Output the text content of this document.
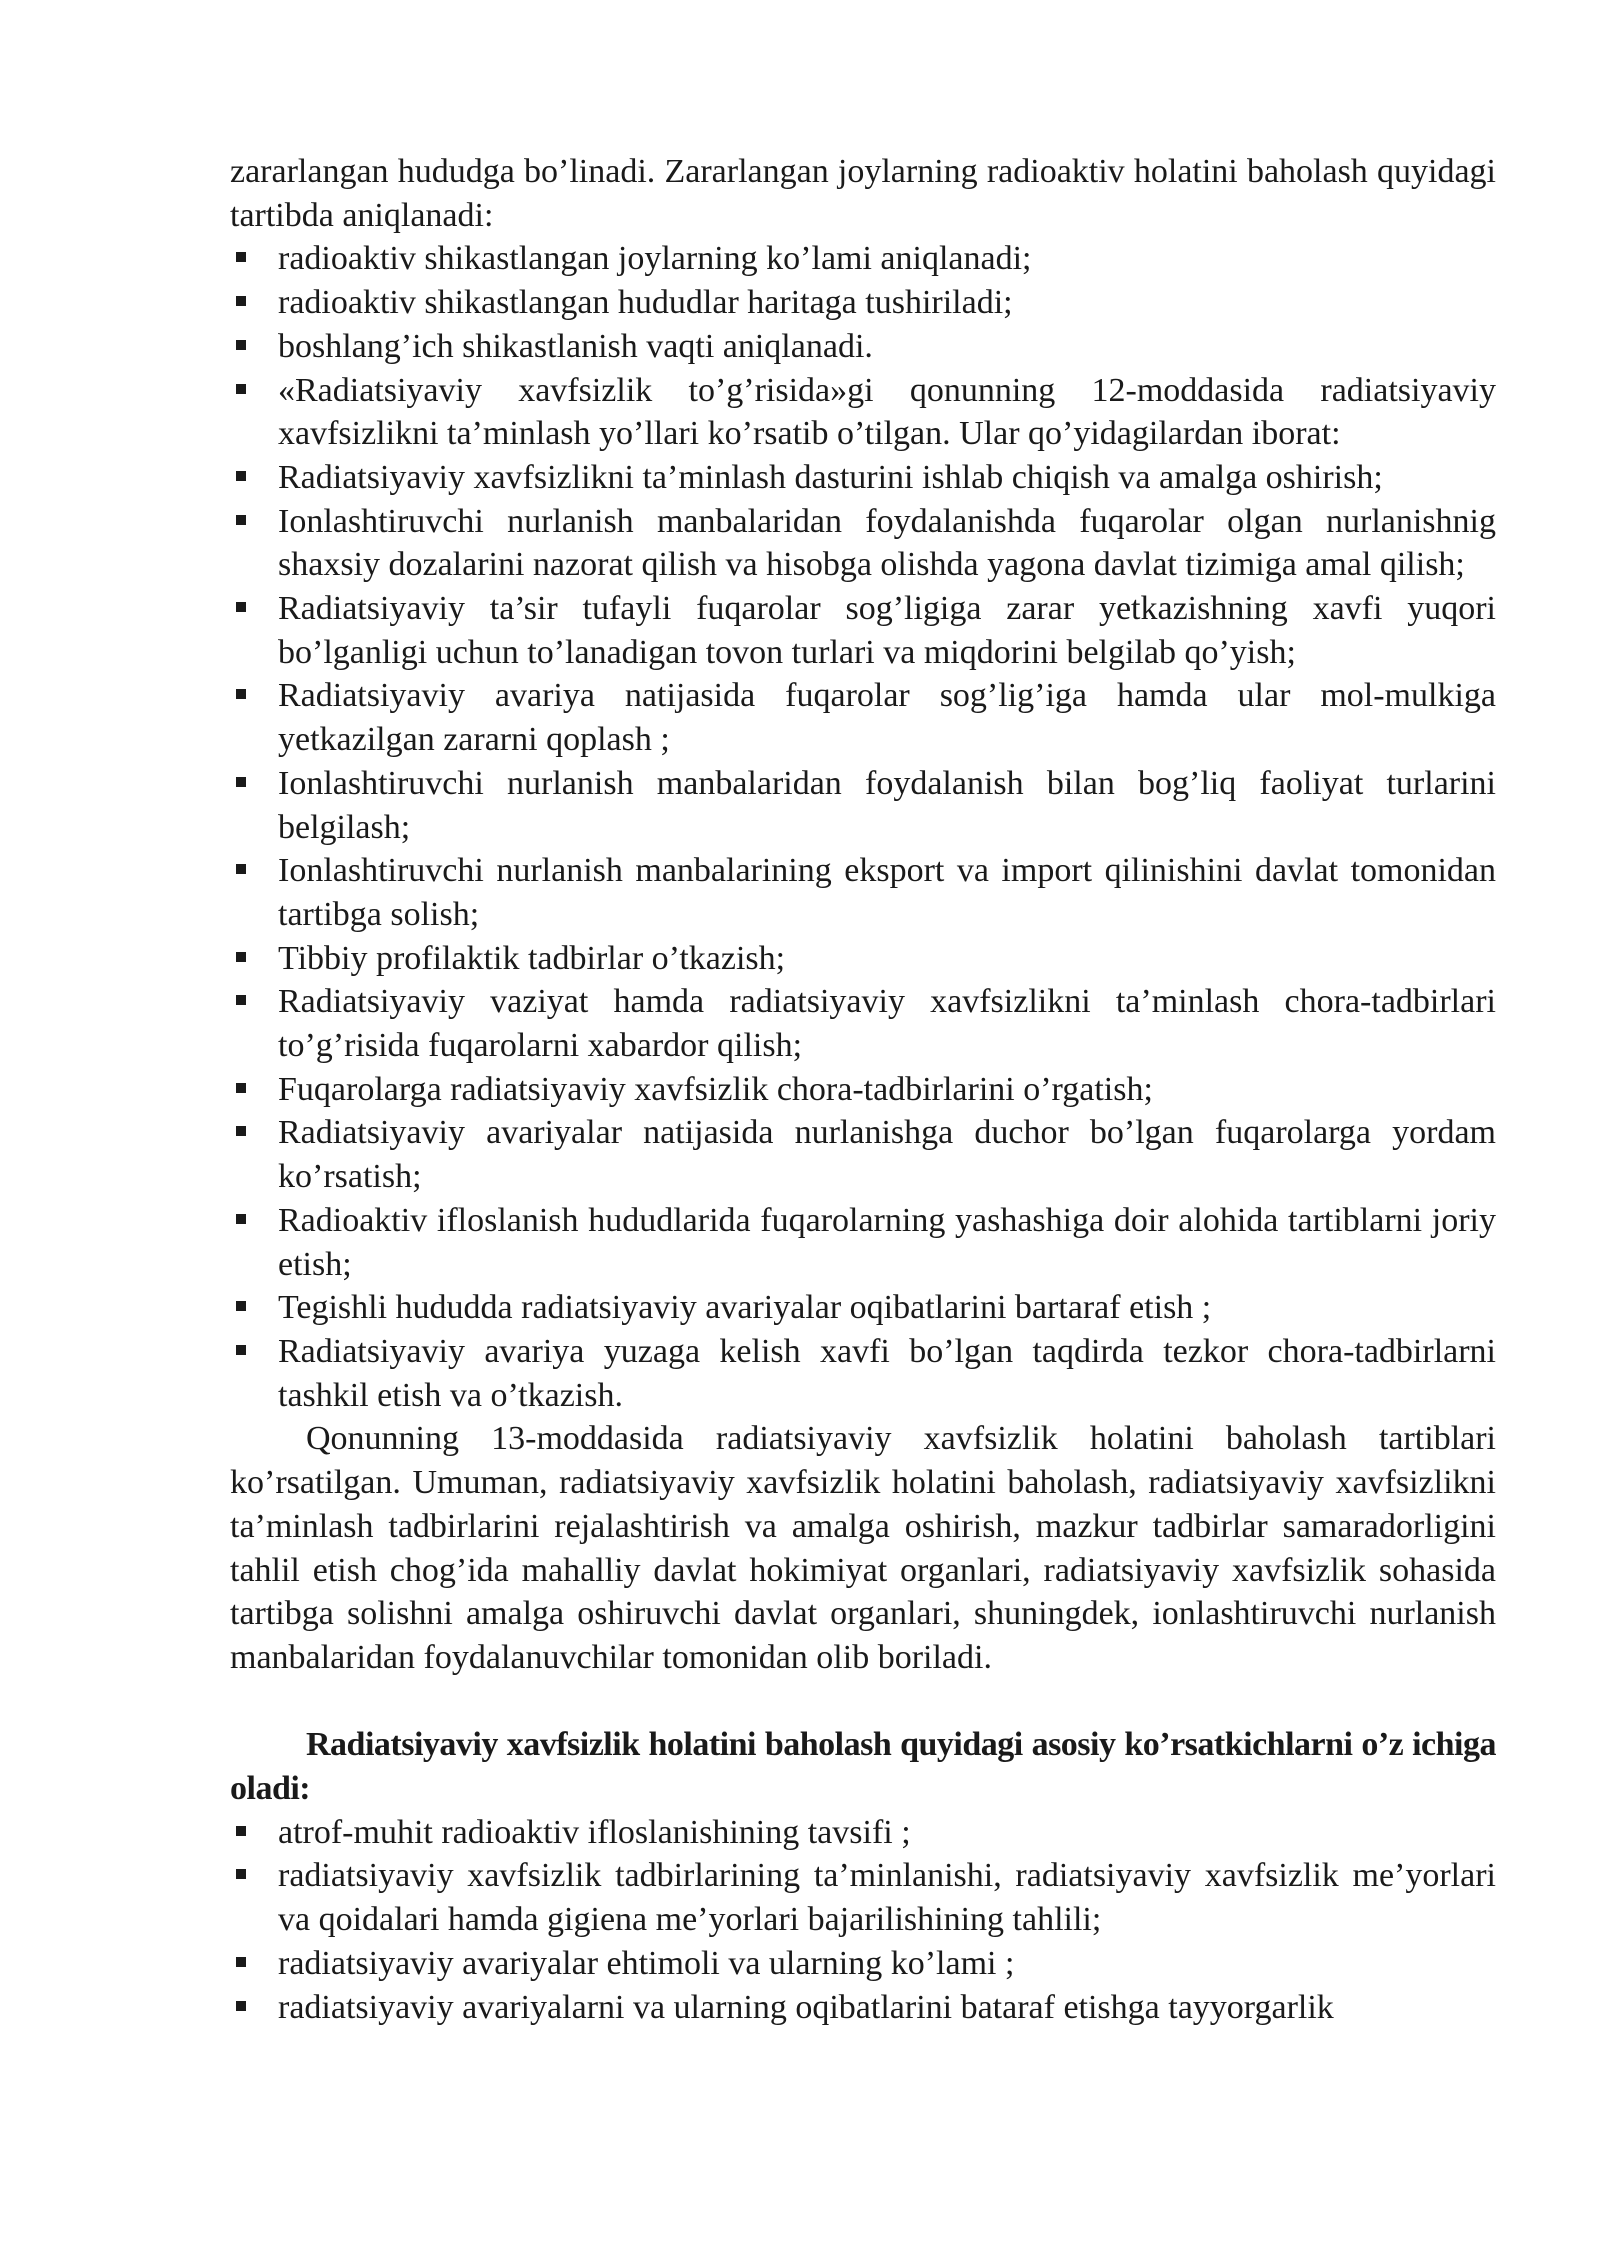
zararlangan hududga bo’linadi. Zararlangan joylarning radioaktiv holatini baholash quyidagi tartibda aniqlanadi:

radioaktiv shikastlangan joylarning ko’lami aniqlanadi;
radioaktiv shikastlangan hududlar haritaga tushiriladi;
boshlang’ich shikastlanish vaqti aniqlanadi.
«Radiatsiyaviy xavfsizlik to’g’risida»gi qonunning 12-moddasida radiatsiyaviy xavfsizlikni ta’minlash yo’llari ko’rsatib o’tilgan. Ular qo’yidagilardan iborat:
Radiatsiyaviy xavfsizlikni ta’minlash dasturini ishlab chiqish va amalga oshirish;
Ionlashtiruvchi nurlanish manbalaridan foydalanishda fuqarolar olgan nurlanishnig shaxsiy dozalarini nazorat qilish va hisobga olishda yagona davlat tizimiga amal qilish;
Radiatsiyaviy ta’sir tufayli fuqarolar sog’ligiga zarar yetkazishning xavfi yuqori bo’lganligi uchun to’lanadigan tovon turlari va miqdorini belgilab qo’yish;
Radiatsiyaviy avariya natijasida fuqarolar sog’lig’iga hamda ular mol-mulkiga yetkazilgan zararni qoplash ;
Ionlashtiruvchi nurlanish manbalaridan foydalanish bilan bog’liq faoliyat turlarini belgilash;
Ionlashtiruvchi nurlanish manbalarining eksport va import qilinishini davlat tomonidan tartibga solish;
Tibbiy profilaktik tadbirlar o’tkazish;
Radiatsiyaviy vaziyat hamda radiatsiyaviy xavfsizlikni ta’minlash chora-tadbirlari to’g’risida fuqarolarni xabardor qilish;
Fuqarolarga radiatsiyaviy xavfsizlik chora-tadbirlarini o’rgatish;
Radiatsiyaviy avariyalar natijasida nurlanishga duchor bo’lgan fuqarolarga yordam ko’rsatish;
Radioaktiv ifloslanish hududlarida fuqarolarning yashashiga doir alohida tartiblarni joriy etish;
Tegishli hududda radiatsiyaviy avariyalar oqibatlarini bartaraf etish ;
Radiatsiyaviy avariya yuzaga kelish xavfi bo’lgan taqdirda tezkor chora-tadbirlarni tashkil etish va o’tkazish.

Qonunning 13-moddasida radiatsiyaviy xavfsizlik holatini baholash tartiblari ko’rsatilgan. Umuman, radiatsiyaviy xavfsizlik holatini baholash, radiatsiyaviy xavfsizlikni ta’minlash tadbirlarini rejalashtirish va amalga oshirish, mazkur tadbirlar samaradorligini tahlil etish chog’ida mahalliy davlat hokimiyat organlari, radiatsiyaviy xavfsizlik sohasida tartibga solishni amalga oshiruvchi davlat organlari, shuningdek, ionlashtiruvchi nurlanish manbalaridan foydalanuvchilar tomonidan olib boriladi.

Radiatsiyaviy xavfsizlik holatini baholash quyidagi asosiy ko’rsatkichlarni o’z ichiga oladi:

atrof-muhit radioaktiv ifloslanishining tavsifi ;
radiatsiyaviy xavfsizlik tadbirlarining ta’minlanishi, radiatsiyaviy xavfsizlik me’yorlari va qoidalari hamda gigiena me’yorlari bajarilishining tahlili;
radiatsiyaviy avariyalar ehtimoli va ularning ko’lami ;
radiatsiyaviy avariyalarni va ularning oqibatlarini bataraf etishga tayyorgarlik
